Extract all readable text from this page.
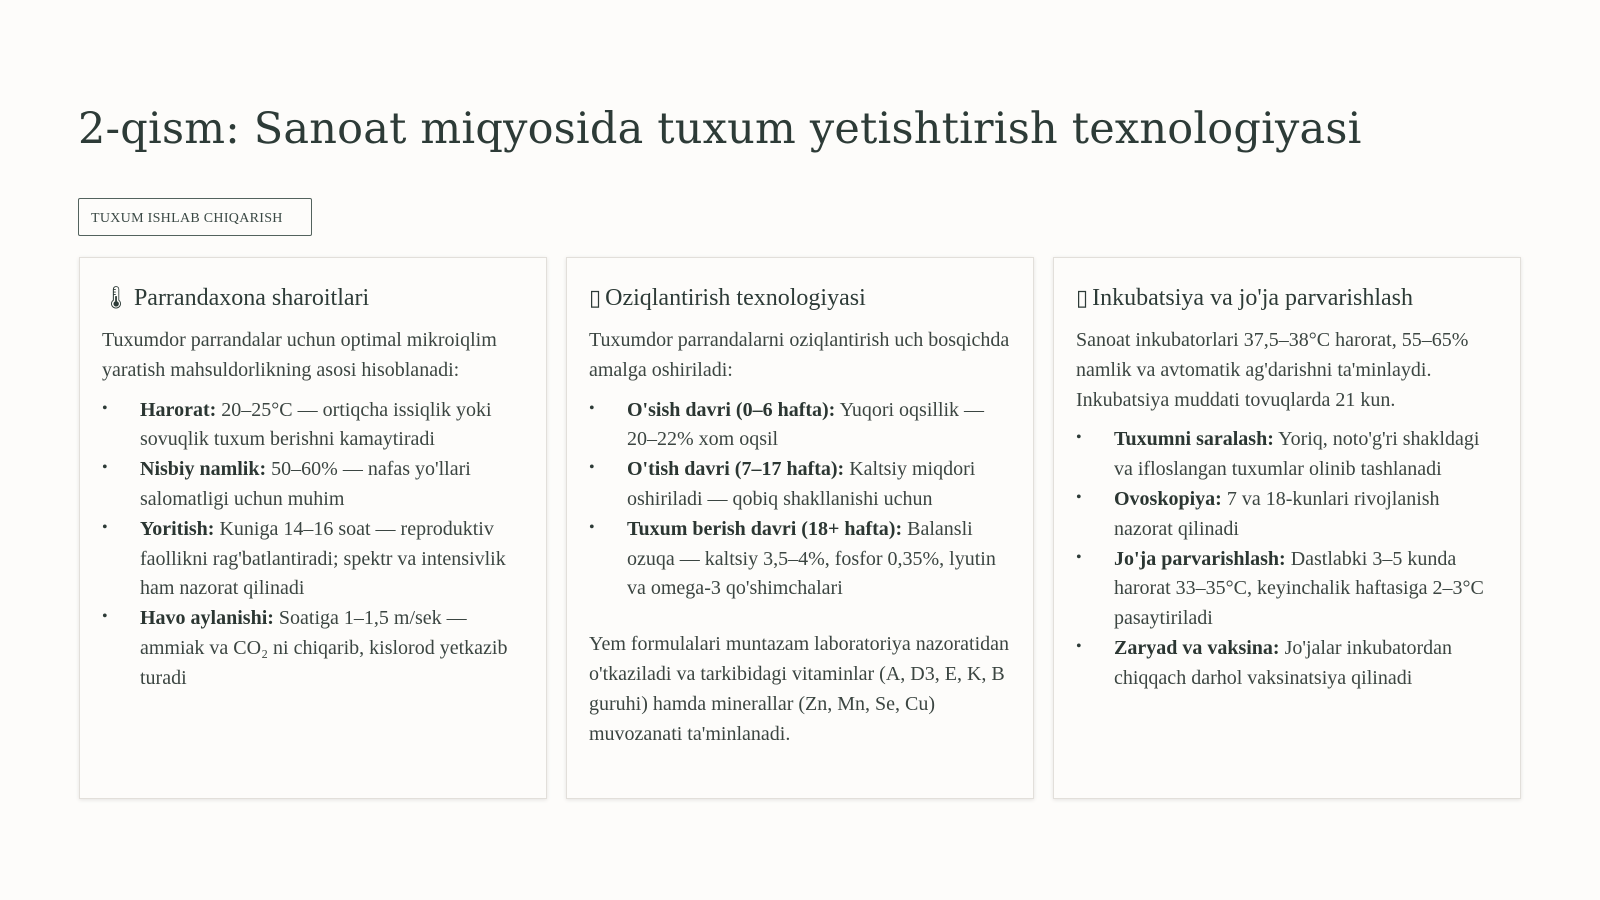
2-qism: Sanoat miqyosida tuxum yetishtirish texnologiyasi
TUXUM ISHLAB CHIQARISH
🌡 Parrandaxona sharoitlari

Tuxumdor parrandalar uchun optimal mikroiqlim yaratish mahsuldorlikning asosi hisoblanadi:

• Harorat: 20–25°C — ortiqcha issiqlik yoki sovuqlik tuxum berishni kamaytiradi
• Nisbiy namlik: 50–60% — nafas yo'llari salomatligi uchun muhim
• Yoritish: Kuniga 14–16 soat — reproduktiv faollikni rag'batlantiradi; spektr va intensivlik ham nazorat qilinadi
• Havo aylanishi: Soatiga 1–1,5 m/sek — ammiak va CO₂ ni chiqarib, kislorod yetkazib turadi
▯ Oziqlantirish texnologiyasi

Tuxumdor parrandalarni oziqlantirish uch bosqichda amalga oshiriladi:

• O'sish davri (0–6 hafta): Yuqori oqsillik — 20–22% xom oqsil
• O'tish davri (7–17 hafta): Kaltsiy miqdori oshiriladi — qobiq shakllanishi uchun
• Tuxum berish davri (18+ hafta): Balansli ozuqa — kaltsiy 3,5–4%, fosfor 0,35%, lyutin va omega-3 qo'shimchalari

Yem formulalari muntazam laboratoriya nazoratidan o'tkaziladi va tarkibidagi vitaminlar (A, D3, E, K, B guruhi) hamda minerallar (Zn, Mn, Se, Cu) muvozanati ta'minlanadi.

▯ Inkubatsiya va jo'ja parvarishlash

Sanoat inkubatorlari 37,5–38°C harorat, 55–65% namlik va avtomatik ag'darishni ta'minlaydi. Inkubatsiya muddati tovuqlarda 21 kun.

• Tuxumni saralash: Yoriq, noto'g'ri shakldagi va ifloslangan tuxumlar olinib tashlanadi
• Ovoskopiya: 7 va 18-kunlari rivojlanish nazorat qilinadi
• Jo'ja parvarishlash: Dastlabki 3–5 kunda harorat 33–35°C, keyinchalik haftasiga 2–3°C pasaytiriladi
• Zaryad va vaksina: Jo'jalar inkubatordan chiqqach darhol vaksinatsiya qilinadi
